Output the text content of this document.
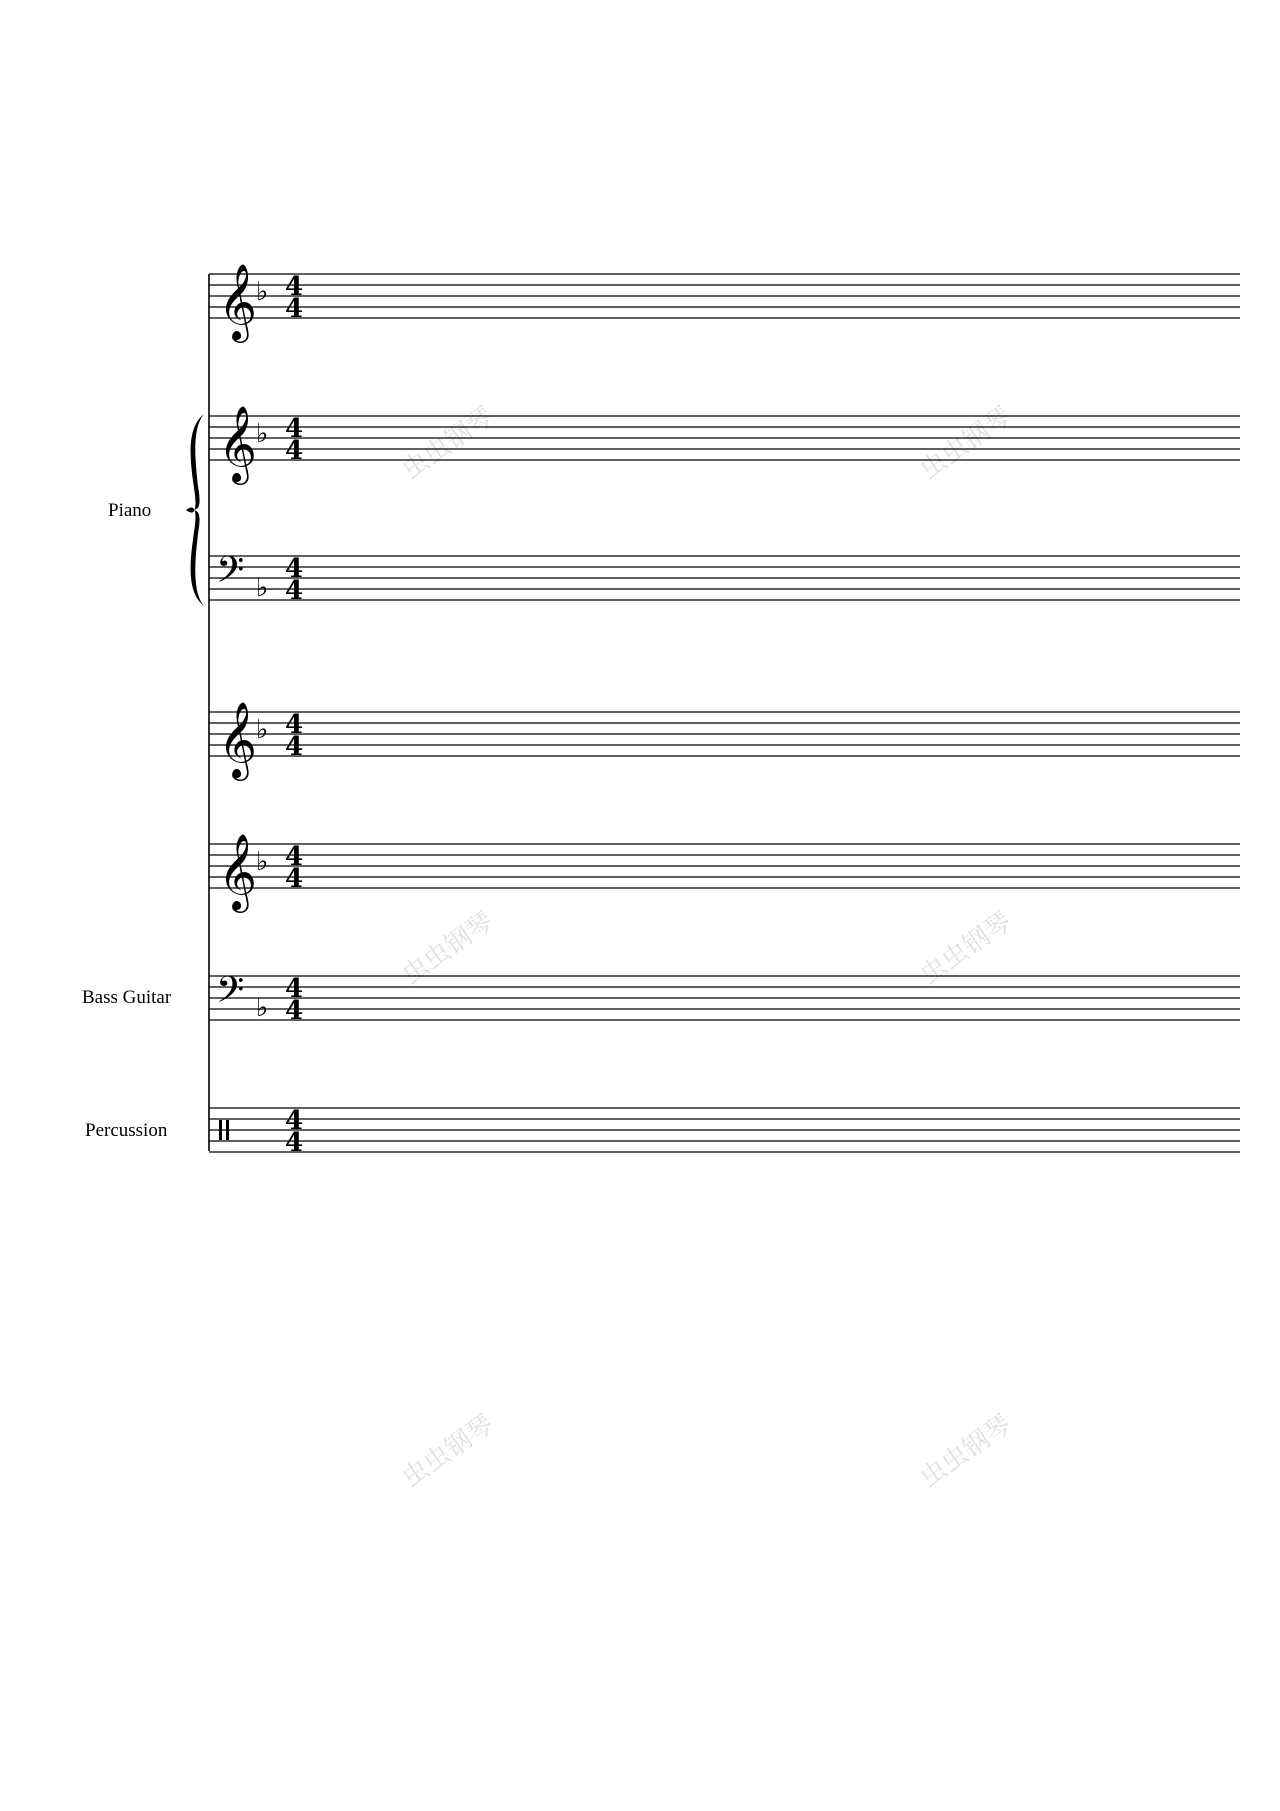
虫虫钢琴	虫虫钢琴
虫虫钢琴	虫虫钢琴
虫虫钢琴	虫虫钢琴
Piano
Bass Guitar
Percussion
𝄞
♭ 4
4
𝄞
♭ 4
4
𝄢 ♭
4
4
𝄞
♭ 4
4
𝄞
♭ 4
4
𝄢 ♭
4
4
4
4
